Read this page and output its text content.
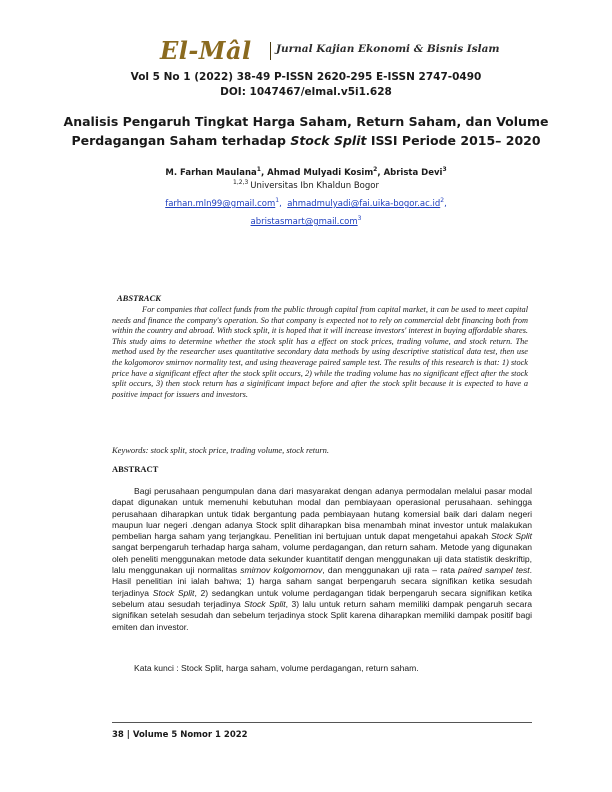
El-Mâl Jurnal Kajian Ekonomi & Bisnis Islam
Vol 5 No 1 (2022) 38-49 P-ISSN 2620-295 E-ISSN 2747-0490
DOI: 1047467/elmal.v5i1.628
Analisis Pengaruh Tingkat Harga Saham, Return Saham, dan Volume
Perdagangan Saham terhadap Stock Split ISSI Periode 2015– 2020
M. Farhan Maulana$^1$, Ahmad Mulyadi Kosim$^2$, Abrista Devi$^3$
$^{1,2,3}$ Universitas Ibn Khaldun Bogor
farhan.mln99@gmail.com$^1$,  $ahmadmulyadi@fai.uika-bogor.ac.id^2$,
abristasmart@gmail.com$^3$
ABSTRACK

For companies that collect funds from the public through capital from capital market, it can be used to meet capital needs and finance the company's operation. So that company is expected not to rely on commercial debt financing both from within the country and abroad. With stock split, it is hoped that it will increase investors' interest in buying affordable shares. This study aims to determine whether the stock split has a effect on stock prices, trading volume, and stock return. The method used by the researcher uses quantitative secondary data methods by using descriptive statistical data test, then use the kolgomorov smirnov normality test, and using theaverage paired sample test. The results of this research is that: 1) stock price have a significant effect after the stock split occurs, 2) while the trading volume has no significant effect after the stock split occurs, 3) then stock return has a siginificant impact before and after the stock split because it is expected to have a positive impact for issuers and investors.

Keywords: stock split, stock price, trading volume, stock return.
ABSTRACT

Bagi perusahaan pengumpulan dana dari masyarakat dengan adanya permodalan melalui pasar modal dapat digunakan untuk memenuhi kebutuhan modal dan pembiayaan operasional perusahaan. sehingga perusahaan diharapkan untuk tidak bergantung pada pembiayaan hutang komersial baik dari dalam negeri maupun luar negeri .dengan adanya Stock split diharapkan bisa menambah minat investor untuk malakukan pembelian harga saham yang terjangkau. Penelitian ini bertujuan untuk dapat mengetahui apakah Stock Split sangat berpengaruh terhadap harga saham, volume perdagangan, dan return saham. Metode yang digunakan oleh peneliti menggunakan metode data sekunder kuantitatif dengan menggunakan uji data statistik deskriftip, lalu menggunakan uji normalitas smirnov kolgomornov, dan menggunakan uji rata – rata paired sampel test. Hasil penelitian ini ialah bahwa; 1) harga saham sangat berpengaruh secara signifikan ketika sesudah terjadinya Stock Split, 2) sedangkan untuk volume perdagangan tidak berpengaruh secara signifikan ketika sebelum atau sesudah terjadinya Stock Split, 3) lalu untuk return saham memiliki dampak pengaruh secara signifikan setelah sesudah dan sebelum terjadinya stock Split karena diharapkan memiliki dampak positif bagi emiten dan investor.

Kata kunci : Stock Split, harga saham, volume perdagangan, return saham.
38 | Volume 5 Nomor 1 2022
